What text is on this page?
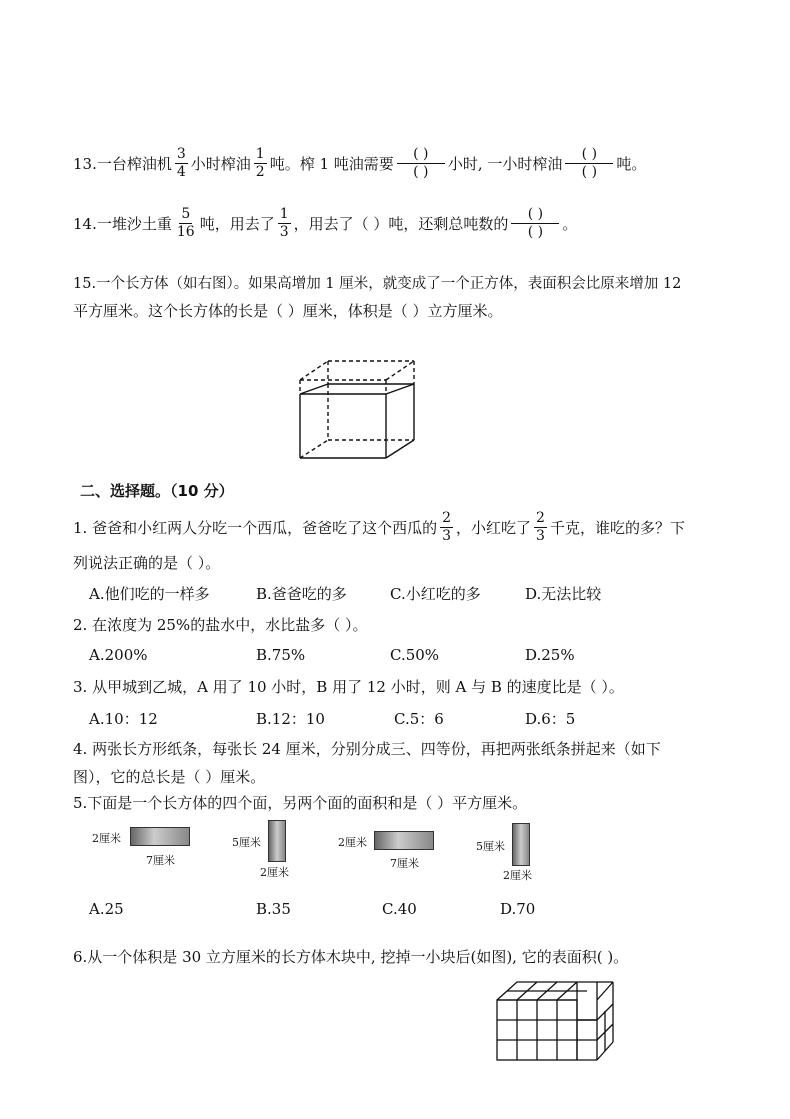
13.一台榨油机 $\frac{3}{4}$ 小时榨油 $\frac{1}{2}$ 吨。榨 1 吨油需要 $\frac{( )}{( )}$ 小时, 一小时榨油 $\frac{( )}{( )}$ 吨。
14.一堆沙土重 $\frac{5}{16}$ 吨，用去了 $\frac{1}{3}$ ，用去了（ ）吨，还剩总吨数的 $\frac{( )}{( )}$ 。
15.一个长方体（如右图）。如果高增加 1 厘米，就变成了一个正方体，表面积会比原来增加 12
平方厘米。这个长方体的长是（ ）厘米，体积是（ ）立方厘米。
二、选择题。（10 分）
1. 爸爸和小红两人分吃一个西瓜，爸爸吃了这个西瓜的 $\frac{2}{3}$ ，小红吃了 $\frac{2}{3}$ 千克，谁吃的多？下
列说法正确的是（ ）。
A.他们吃的一样多	B.爸爸吃的多	C.小红吃的多	D.无法比较
2. 在浓度为 25%的盐水中，水比盐多（ ）。
A.200%	B.75%	C.50%	D.25%
3. 从甲城到乙城，A 用了 10 小时，B 用了 12 小时，则 A 与 B 的速度比是（ ）。
A.10：12	B.12：10	C.5：6	D.6：5
4. 两张长方形纸条，每张长 24 厘米，分别分成三、四等份，再把两张纸条拼起来（如下
图），它的总长是（ ）厘米。
5.下面是一个长方体的四个面，另两个面的面积和是（ ）平方厘米。
2厘米
7厘米
5厘米
2厘米
2厘米
7厘米
5厘米
2厘米
A.25	B.35	C.40	D.70
6.从一个体积是 30 立方厘米的长方体木块中, 挖掉一小块后(如图), 它的表面积( )。
